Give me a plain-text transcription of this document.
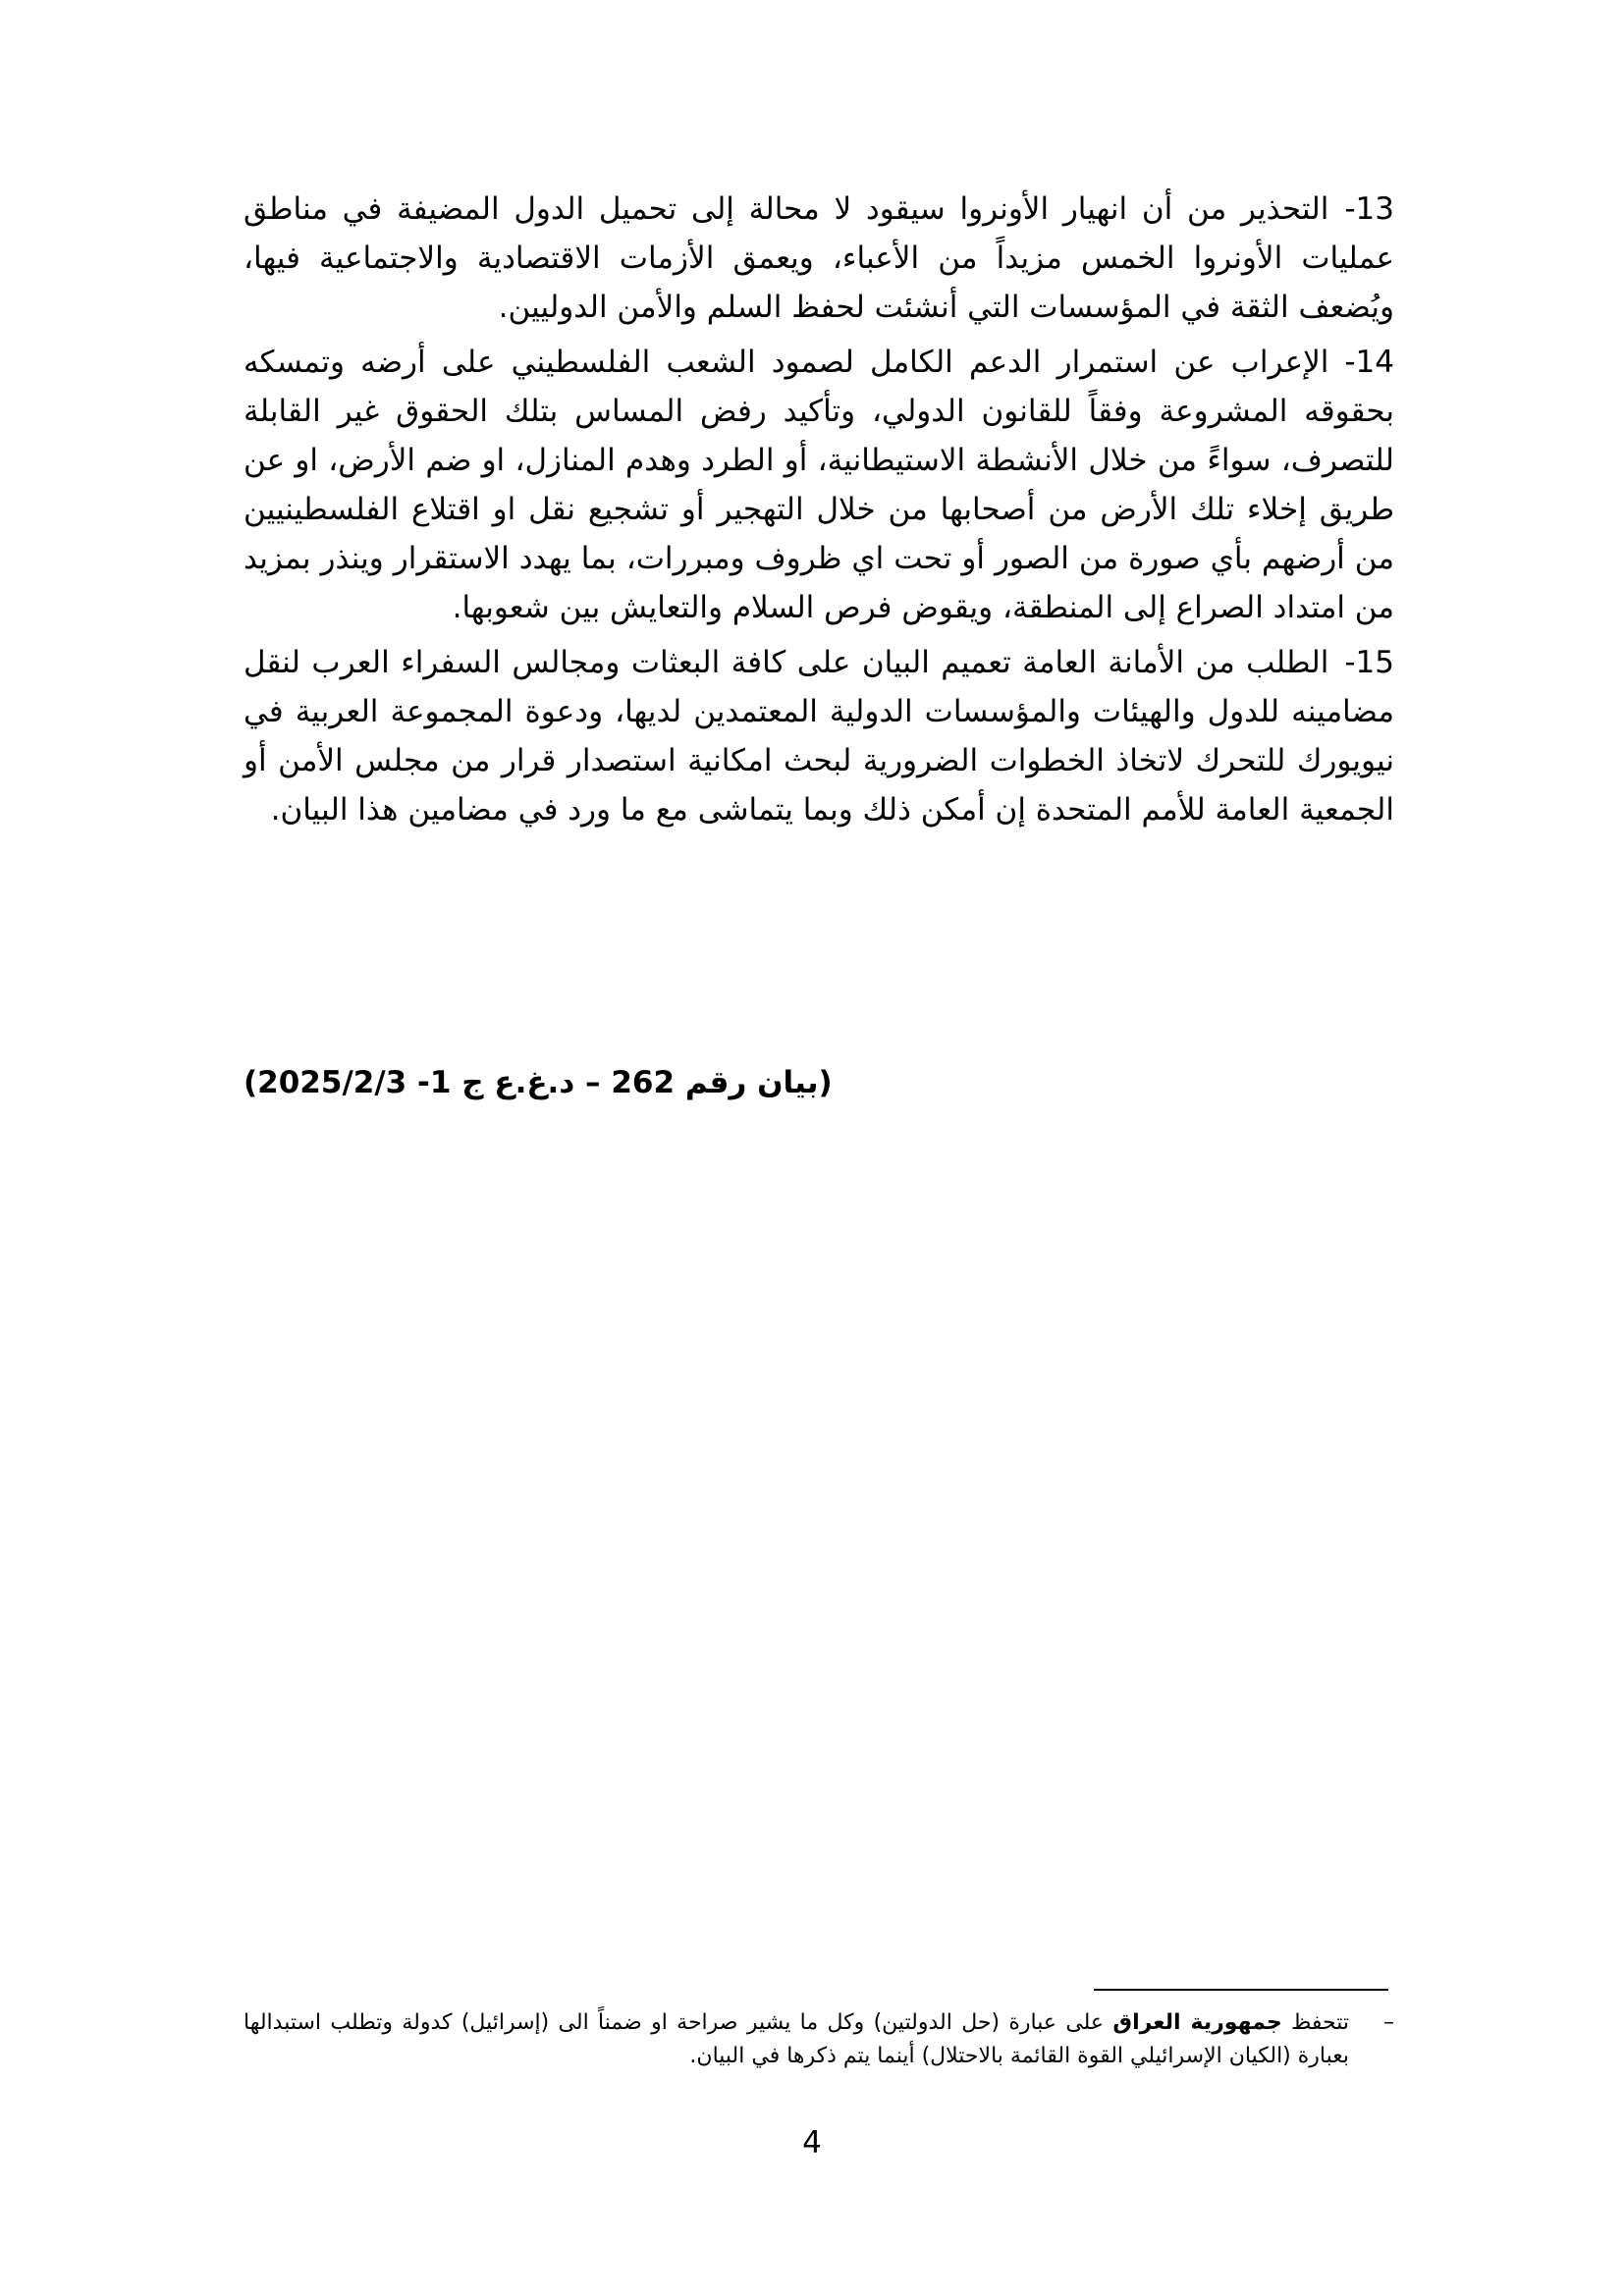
13-التحذير من أن انهيار الأونروا سيقود لا محالة إلى تحميل الدول المضيفة في مناطق عمليات الأونروا الخمس مزيداً من الأعباء، ويعمق الأزمات الاقتصادية والاجتماعية فيها، ويُضعف الثقة في المؤسسات التي أنشئت لحفظ السلم والأمن الدوليين.
14-الإعراب عن استمرار الدعم الكامل لصمود الشعب الفلسطيني على أرضه وتمسكه بحقوقه المشروعة وفقاً للقانون الدولي، وتأكيد رفض المساس بتلك الحقوق غير القابلة للتصرف، سواءً من خلال الأنشطة الاستيطانية، أو الطرد وهدم المنازل، او ضم الأرض، او عن طريق إخلاء تلك الأرض من أصحابها من خلال التهجير أو تشجيع نقل او اقتلاع الفلسطينيين من أرضهم بأي صورة من الصور أو تحت اي ظروف ومبررات، بما يهدد الاستقرار وينذر بمزيد من امتداد الصراع إلى المنطقة، ويقوض فرص السلام والتعايش بين شعوبها.
15-الطلب من الأمانة العامة تعميم البيان على كافة البعثات ومجالس السفراء العرب لنقل مضامينه للدول والهيئات والمؤسسات الدولية المعتمدين لديها، ودعوة المجموعة العربية في نيويورك للتحرك لاتخاذ الخطوات الضرورية لبحث امكانية استصدار قرار من مجلس الأمن أو الجمعية العامة للأمم المتحدة إن أمكن ذلك وبما يتماشى مع ما ورد في مضامين هذا البيان.
(بيان رقم 262 – د.غ.ع ج 1- 2025/2/3)
–
تتحفظ جمهورية العراق على عبارة (حل الدولتين) وكل ما يشير صراحة او ضمناً الى (إسرائيل) كدولة وتطلب استبدالها بعبارة (الكيان الإسرائيلي القوة القائمة بالاحتلال) أينما يتم ذكرها في البيان.
4
